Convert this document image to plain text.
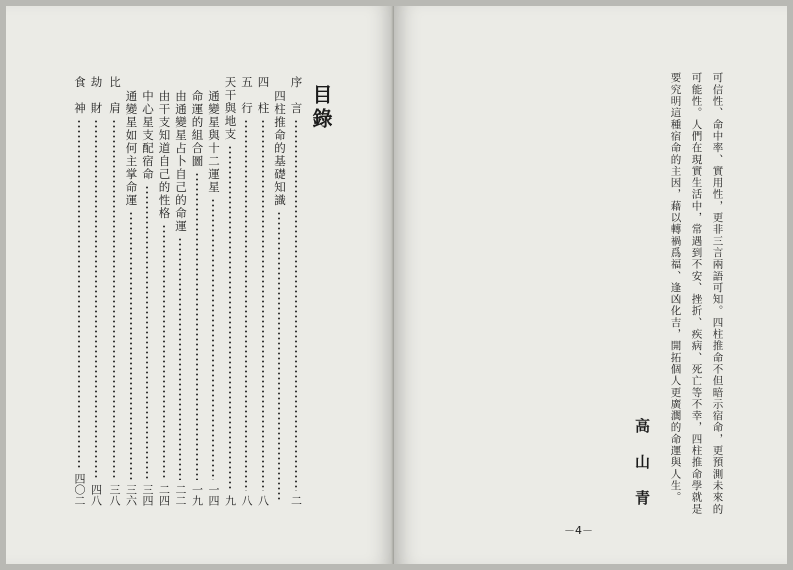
目錄
序　言
二
四柱推命的基礎知識
四　柱
八
五　行
八
天干與地支
九
通變星與十二運星
一四
命運的組合圖
一九
由通變星占卜自己的命運
二二
由干支知道自己的性格
二四
中心星支配宿命
三四
通變星如何主掌命運
三六
比　肩
三八
劫　財
四八
食　神
四〇二	可信性、命中率、實用性，更非三言兩語可知。四柱推命不但暗示宿命，更預測未來的
可能性。人們在現實生活中，常遇到不安、挫折、疾病、死亡等不幸，四柱推命學就是
要究明這種宿命的主因，藉以轉禍爲福、逢凶化吉，開拓個人更廣濶的命運與人生。
高山青
－4－
